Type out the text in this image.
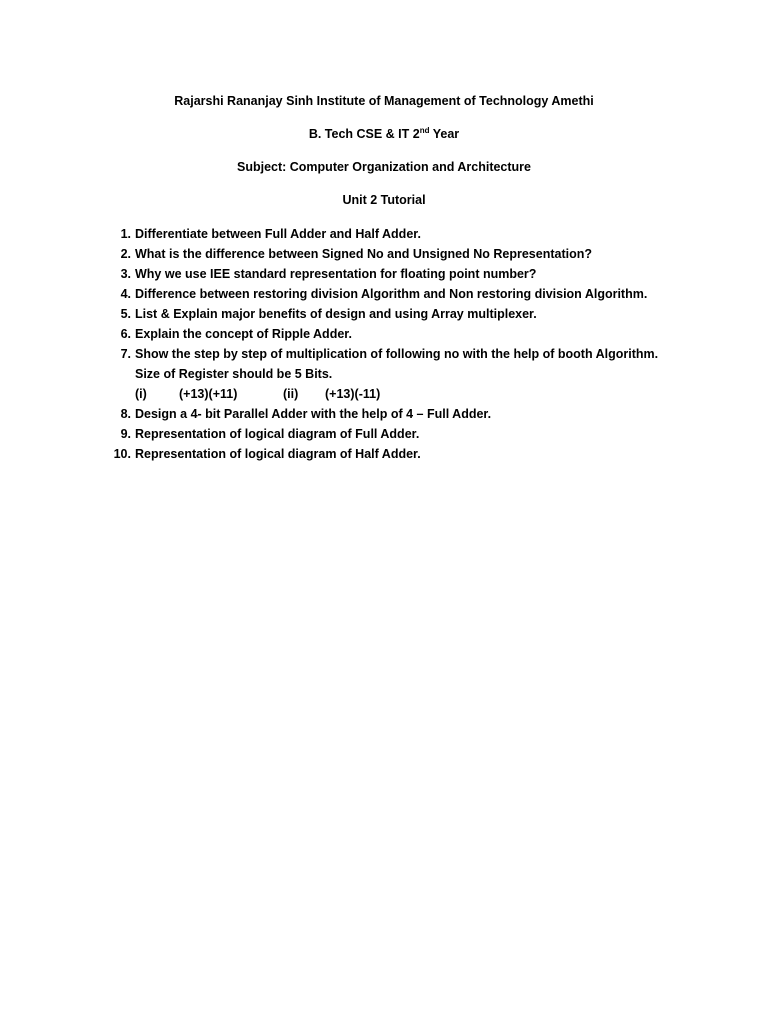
Rajarshi Rananjay Sinh Institute of Management of Technology Amethi
B. Tech CSE & IT 2nd Year
Subject: Computer Organization and Architecture
Unit 2 Tutorial
1. Differentiate between Full Adder and Half Adder.
2. What is the difference between Signed No and Unsigned No Representation?
3. Why we use IEE standard representation for floating point number?
4. Difference between restoring division Algorithm and Non restoring division Algorithm.
5. List & Explain major benefits of design and using Array multiplexer.
6. Explain the concept of Ripple Adder.
7. Show the step by step of multiplication of following no with the help of booth Algorithm. Size of Register should be 5 Bits.
(i)	(+13)(+11)	(ii) (+13)(-11)
8. Design a 4- bit Parallel Adder with the help of 4 – Full Adder.
9. Representation of logical diagram of Full Adder.
10. Representation of logical diagram of Half Adder.
